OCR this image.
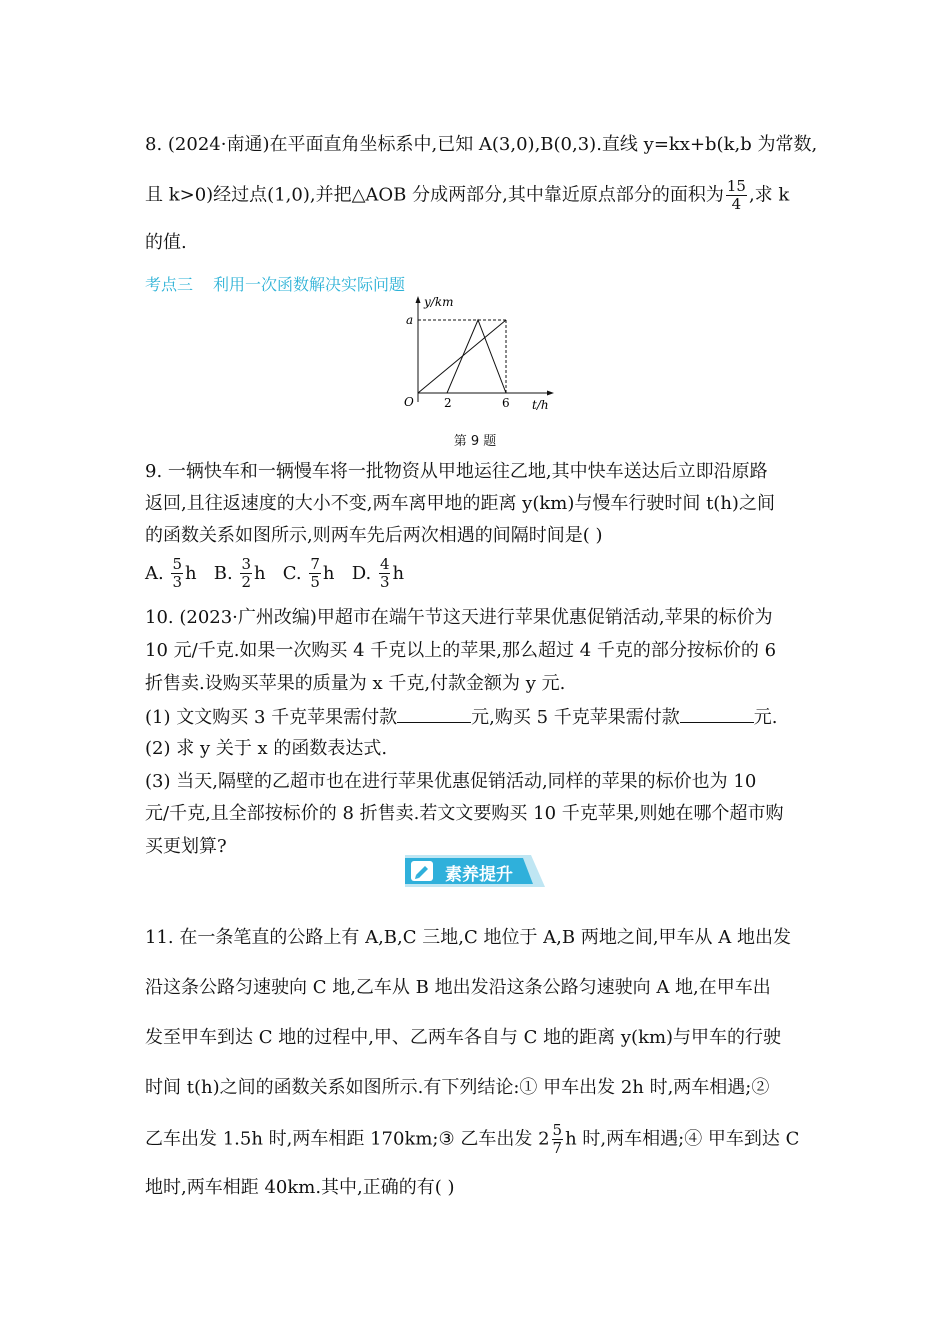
8. (2024·南通)在平面直角坐标系中,已知 A(3,0),B(0,3).直线 y=kx+b(k,b 为常数,
且 k>0)经过点(1,0),并把△AOB 分成两部分,其中靠近原点部分的面积为 $\frac{15}{4}$ ,求 k
的值.
考点三 利用一次函数解决实际问题
y/km
a
O	2	6 t/h
第 9 题
9. 一辆快车和一辆慢车将一批物资从甲地运往乙地,其中快车送达后立即沿原路
返回,且往返速度的大小不变,两车离甲地的距离 y(km)与慢车行驶时间 t(h)之间
的函数关系如图所示,则两车先后两次相遇的间隔时间是( )
A. $\frac{5}{3}$ h B. $\frac{3}{2}$ h C. $\frac{7}{5}$ h D. $\frac{4}{3}$ h
10. (2023·广州改编)甲超市在端午节这天进行苹果优惠促销活动,苹果的标价为
10 元/千克.如果一次购买 4 千克以上的苹果,那么超过 4 千克的部分按标价的 6
折售卖.设购买苹果的质量为 x 千克,付款金额为 y 元.
(1) 文文购买 3 千克苹果需付款	元,购买 5 千克苹果需付款	元.
(2) 求 y 关于 x 的函数表达式.
(3) 当天,隔壁的乙超市也在进行苹果优惠促销活动,同样的苹果的标价也为 10
元/千克,且全部按标价的 8 折售卖.若文文要购买 10 千克苹果,则她在哪个超市购
买更划算?
素养提升
11. 在一条笔直的公路上有 A,B,C 三地,C 地位于 A,B 两地之间,甲车从 A 地出发
沿这条公路匀速驶向 C 地,乙车从 B 地出发沿这条公路匀速驶向 A 地,在甲车出
发至甲车到达 C 地的过程中,甲、乙两车各自与 C 地的距离 y(km)与甲车的行驶
时间 t(h)之间的函数关系如图所示.有下列结论:① 甲车出发 2h 时,两车相遇;②
乙车出发 1.5h 时,两车相距 170km;③ 乙车出发 $2 \frac{5}{7}$ h 时,两车相遇;④ 甲车到达 C
地时,两车相距 40km.其中,正确的有( )
